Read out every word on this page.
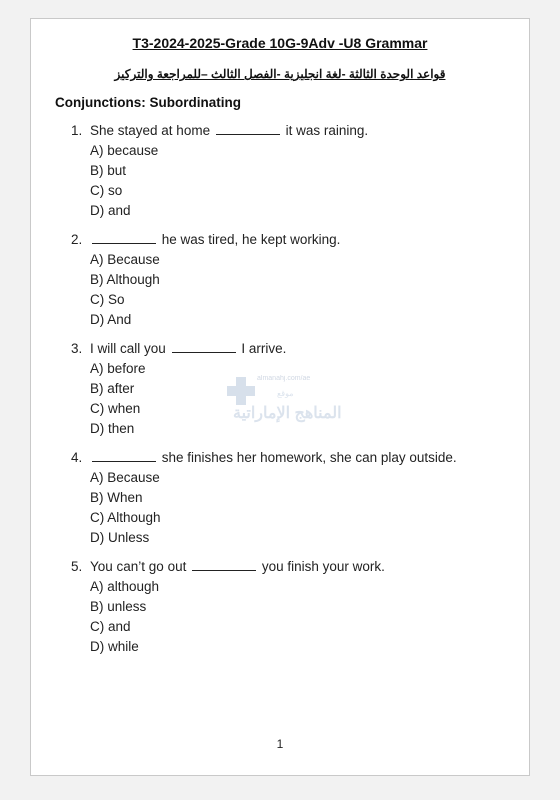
T3-2024-2025-Grade 10G-9Adv -U8 Grammar
قواعد الوحدة الثالثة -لغة انجليزية -الفصل الثالث –للمراجعة والتركيز
Conjunctions: Subordinating
1. She stayed at home	it was raining.
A) because
B) but
C) so
D) and
2.	he was tired, he kept working.
A) Because
B) Although
C) So
D) And
3. I will call you	I arrive.
A) before
B) after
C) when
D) then
4.	she finishes her homework, she can play outside.
A) Because
B) When
C) Although
D) Unless
5. You can’t go out	you finish your work.
A) although
B) unless
C) and
D) while
almanahj.com/ae
موقع
المناهج الإماراتية
1
